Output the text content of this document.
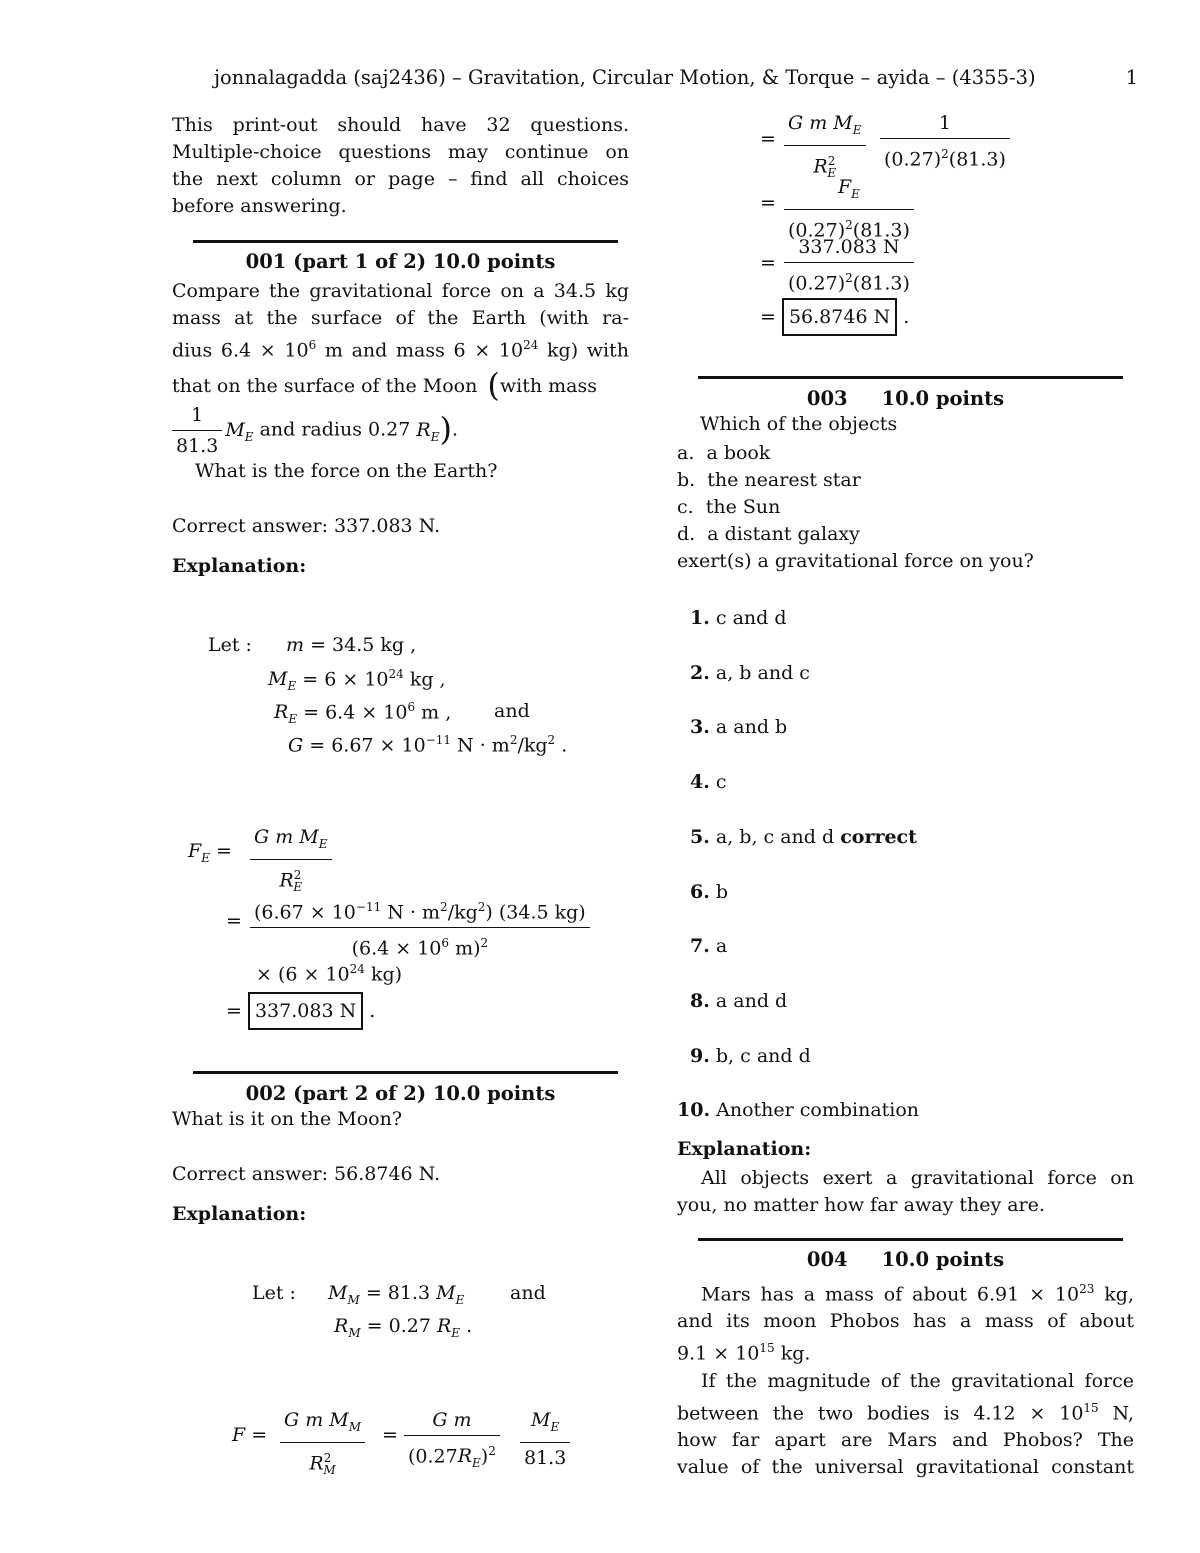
jonnalagadda (saj2436) – Gravitation, Circular Motion, & Torque – ayida – (4355-3)	1
This print-out should have 32 questions.
Multiple-choice questions may continue on
the next column or page – find all choices
before answering.
001 (part 1 of 2) 10.0 points
Compare the gravitational force on a 34.5 kg
mass at the surface of the Earth (with ra-
dius $6.4 \times 10^6$ m and mass $6 \times 10^{24}$ kg) with
that on the surface of the Moon (with mass
$\frac{1}{81.3} M_E$ and radius 0.27 $R_E$).
What is the force on the Earth?
Correct answer: 337.083 N.
Explanation:
Let : m = 34.5 kg ,
$M_E = 6 \times 10^{24}$ kg ,
$R_E = 6.4 \times 10^6$ m , and
$G = 6.67 \times 10^{-11}$ $N \cdot m^2/kg^2$ .
$F_E = \frac{G m M_E}{R^2_E}$
= $\frac{(6.67 \times 10^{-11} N \cdot m^2/kg^2) (34.5 kg)}{(6.4 \times 10^6 m)^2}$
× ($6 \times 10^{24}$ kg)
= 337.083 N .
002 (part 2 of 2) 10.0 points
What is it on the Moon?
Correct answer: 56.8746 N.
Explanation:
Let : $M_M = 81.3$ $M_E$ and
$R_M = 0.27$ $R_E$ .
$F = \frac{G m M_M}{R^2_M} = \frac{\text{G m}}{(0.27R_E)^2} \frac{M_E}{81.3}$
= $\frac{G m M_E}{R^2_E} \frac{1}{(0.27)^2(81.3)}$
= $\frac{F_E}{(0.27)^2(81.3)}$
= $\frac{337.083 N}{(0.27)^2(81.3)}$
= 56.8746 N .
003     10.0 points
Which of the objects
a.  a book
b.  the nearest star
c.  the Sun
d.  a distant galaxy
exert(s) a gravitational force on you?
1. c and d
2. a, b and c
3. a and b
4. c
5. a, b, c and d correct
6. b
7. a
8. a and d
9. b, c and d
10. Another combination
Explanation:
All objects exert a gravitational force on
you, no matter how far away they are.
004     10.0 points
Mars has a mass of about $6.91 \times 10^{23}$ kg,
and its moon Phobos has a mass of about
$9.1 \times 10^{15}$ kg.
If the magnitude of the gravitational force
between the two bodies is $4.12 \times 10^{15}$ N,
how far apart are Mars and Phobos? The
value of the universal gravitational constant
